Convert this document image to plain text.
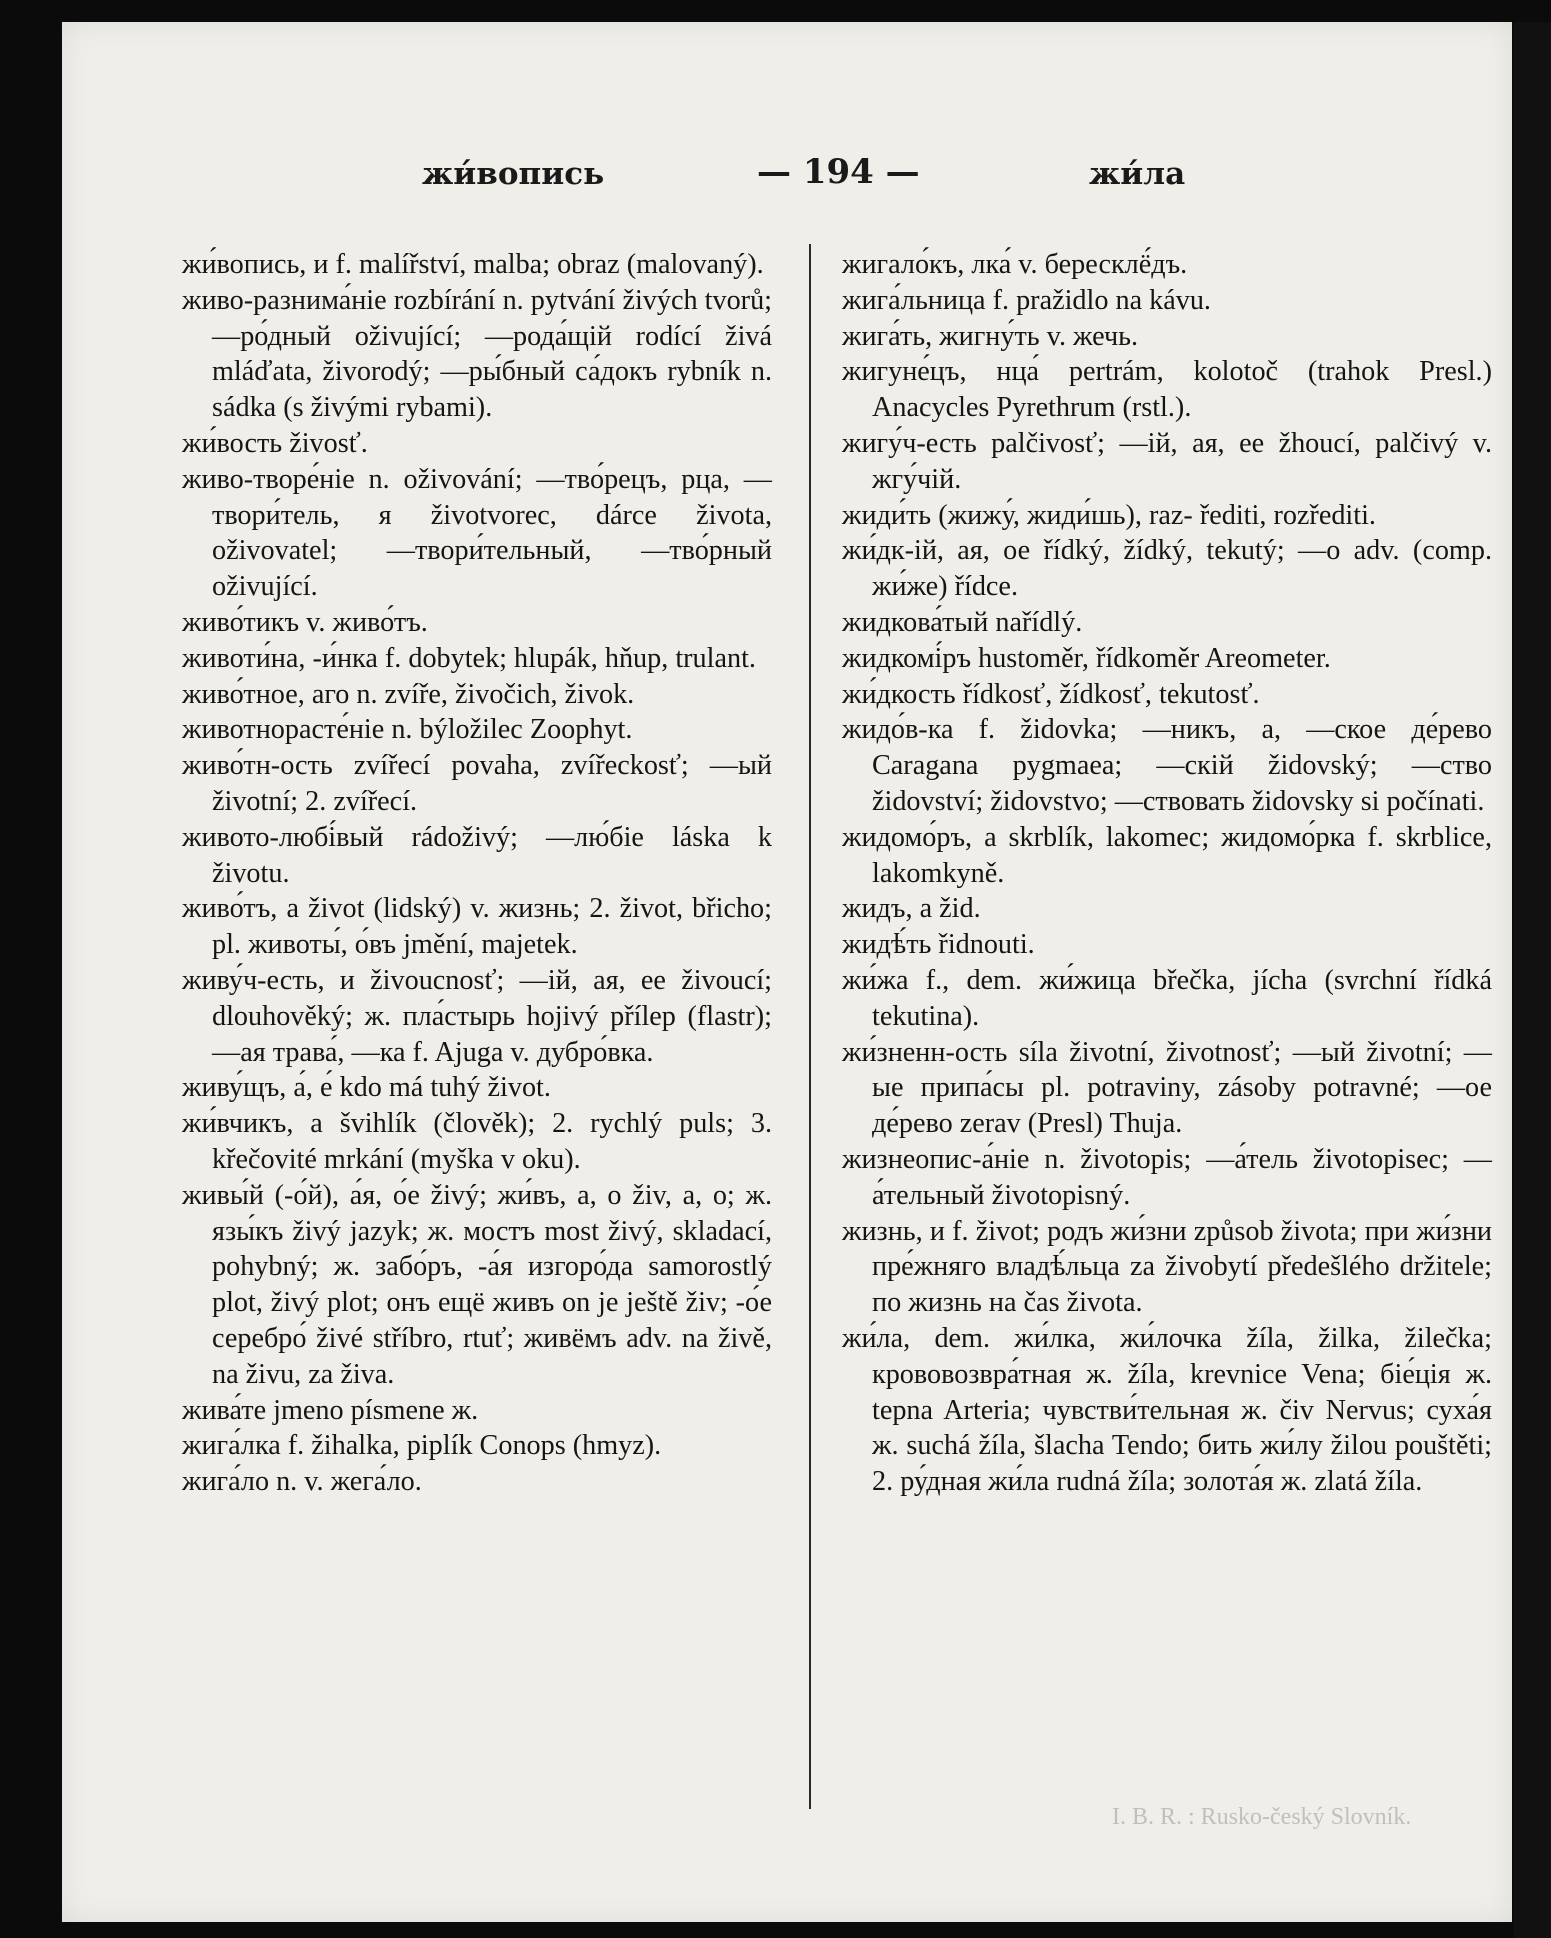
жи́вопись	— 194 —	жи́ла

жи́вопись, и f. malířství, malba; obraz (malovaný).

живо-разнима́ніе rozbírání n. pytvání živých tvorů; —ро́дный oživující; —рода́щій rodící živá mláďata, živorodý; —ры́бный са́докъ rybník n. sádka (s živými rybami).

жи́вость živosť.

живо-творе́ніе n. oživování; —тво́рецъ, рца, —твори́тель, я životvorec, dárce života, oživovatel; —твори́тельный, —тво́рный oživující.

живо́тикъ v. живо́тъ.

животи́на, -и́нка f. dobytek; hlupák, hňup, trulant.

живо́тное, аго n. zvíře, živočich, živok.

животнорасте́ніе n. býložilec Zoophyt.

живо́тн-ость zvířecí povaha, zvířeckosť; —ый životní; 2. zvířecí.

живото-любі́вый rádoživý; —лю́біе láska k životu.

живо́тъ, а život (lidský) v. жизнь; 2. život, břicho; pl. животы́, о́въ jmění, majetek.

живу́ч-есть, и živoucnosť; —ій, ая, ее živoucí; dlouhověký; ж. пла́стырь hojivý přílep (flastr); —ая трава́, —ка f. Ajuga v. дубро́вка.

живу́щъ, а́, е́ kdo má tuhý život.

жи́вчикъ, а švihlík (člověk); 2. rychlý puls; 3. křečovité mrkání (myška v oku).

живы́й (-о́й), а́я, о́е živý; жи́въ, а, о živ, a, o; ж. язы́къ živý jazyk; ж. мостъ most živý, skladací, pohybný; ж. забо́ръ, -а́я изгоро́да samorostlý plot, živý plot; онъ ещё живъ on je ještě živ; -о́е серебро́ živé stříbro, rtuť; живёмъ adv. na živě, na živu, za živa.

жива́те jmeno písmene ж.

жига́лка f. žihalka, piplík Conops (hmyz).

жига́ло n. v. жега́ло.

жигало́къ, лка́ v. бересклё́дъ.

жига́льница f. pražidlo na kávu.

жига́ть, жигну́ть v. жечь.

жигуне́цъ, нца́ pertrám, kolotoč (trahok Presl.) Anacycles Pyrethrum (rstl.).

жигу́ч-есть palčivosť; —ій, ая, ее žhoucí, palčivý v. жгу́чій.

жиди́ть (жижу́, жиди́шь), raz- řediti, rozřediti.

жи́дк-ій, ая, ое řídký, žídký, tekutý; —о adv. (comp. жи́же) řídce.

жидкова́тый nařídlý.

жидкомі́ръ hustoměr, řídkoměr Areometer.

жи́дкость řídkosť, žídkosť, tekutosť.

жидо́в-ка f. židovka; —никъ, а, —ское де́рево Caragana pygmaea; —скій židovský; —ство židovství; židovstvo; —ствовать židovsky si počínati.

жидомо́ръ, а skrblík, lakomec; жидомо́рка f. skrblice, lakomkyně.

жидъ, а žid.

жидѣ́ть řidnouti.

жи́жа f., dem. жи́жица břečka, jícha (svrchní řídká tekutina).

жи́зненн-ость síla životní, životnosť; —ый životní; —ые припа́сы pl. potraviny, zásoby potravné; —ое де́рево zerav (Presl) Thuja.

жизнеопис-а́ніе n. životopis; —а́тель životopisec; —а́тельный životopisný.

жизнь, и f. život; родъ жи́зни způsob života; при жи́зни пре́жняго владѣ́льца za živobytí předešlého držitele; по жизнь на čas života.

жи́ла, dem. жи́лка, жи́лочка žíla, žilka, žilečka; крововозвра́тная ж. žíla, krevnice Vena; біе́ція ж. tepna Arteria; чувстви́тельная ж. čiv Nervus; суха́я ж. suchá žíla, šlacha Tendo; бить жи́лу žilou pouštěti; 2. ру́дная жи́ла rudná žíla; золота́я ж. zlatá žíla.

I. B. R. : Rusko-český Slovník.
